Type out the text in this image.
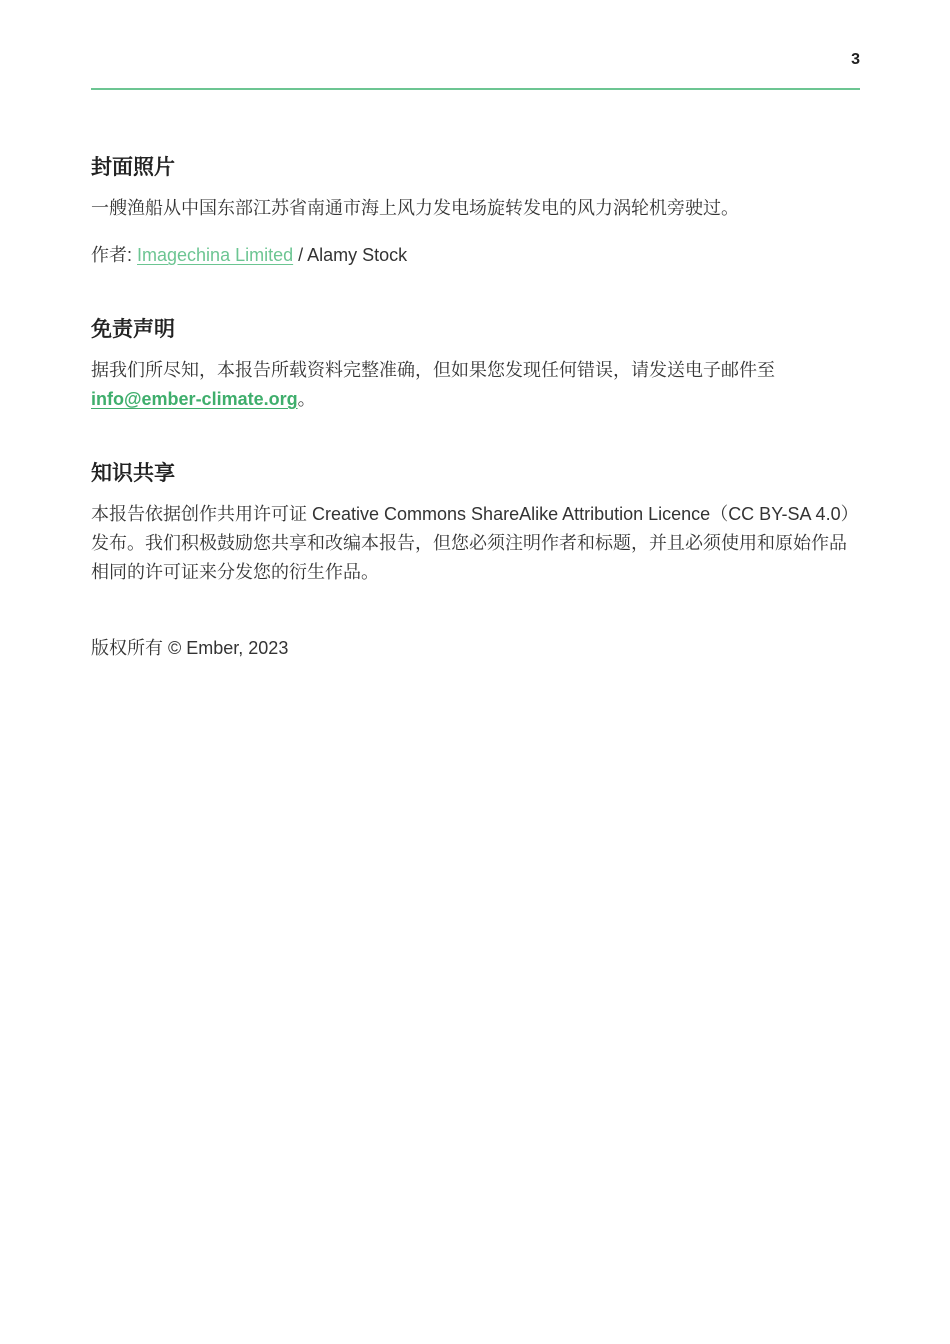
3
封面照片

一艘渔船从中国东部江苏省南通市海上风力发电场旋转发电的风力涡轮机旁驶过。

作者: Imagechina Limited / Alamy Stock

免责声明

据我们所尽知，本报告所载资料完整准确，但如果您发现任何错误，请发送电子邮件至
info@ember-climate.org。

知识共享

本报告依据创作共用许可证 Creative Commons ShareAlike Attribution Licence（CC BY-SA 4.0）发布。我们积极鼓励您共享和改编本报告，但您必须注明作者和标题，并且必须使用和原始作品相同的许可证来分发您的衍生作品。

版权所有 © Ember, 2023
